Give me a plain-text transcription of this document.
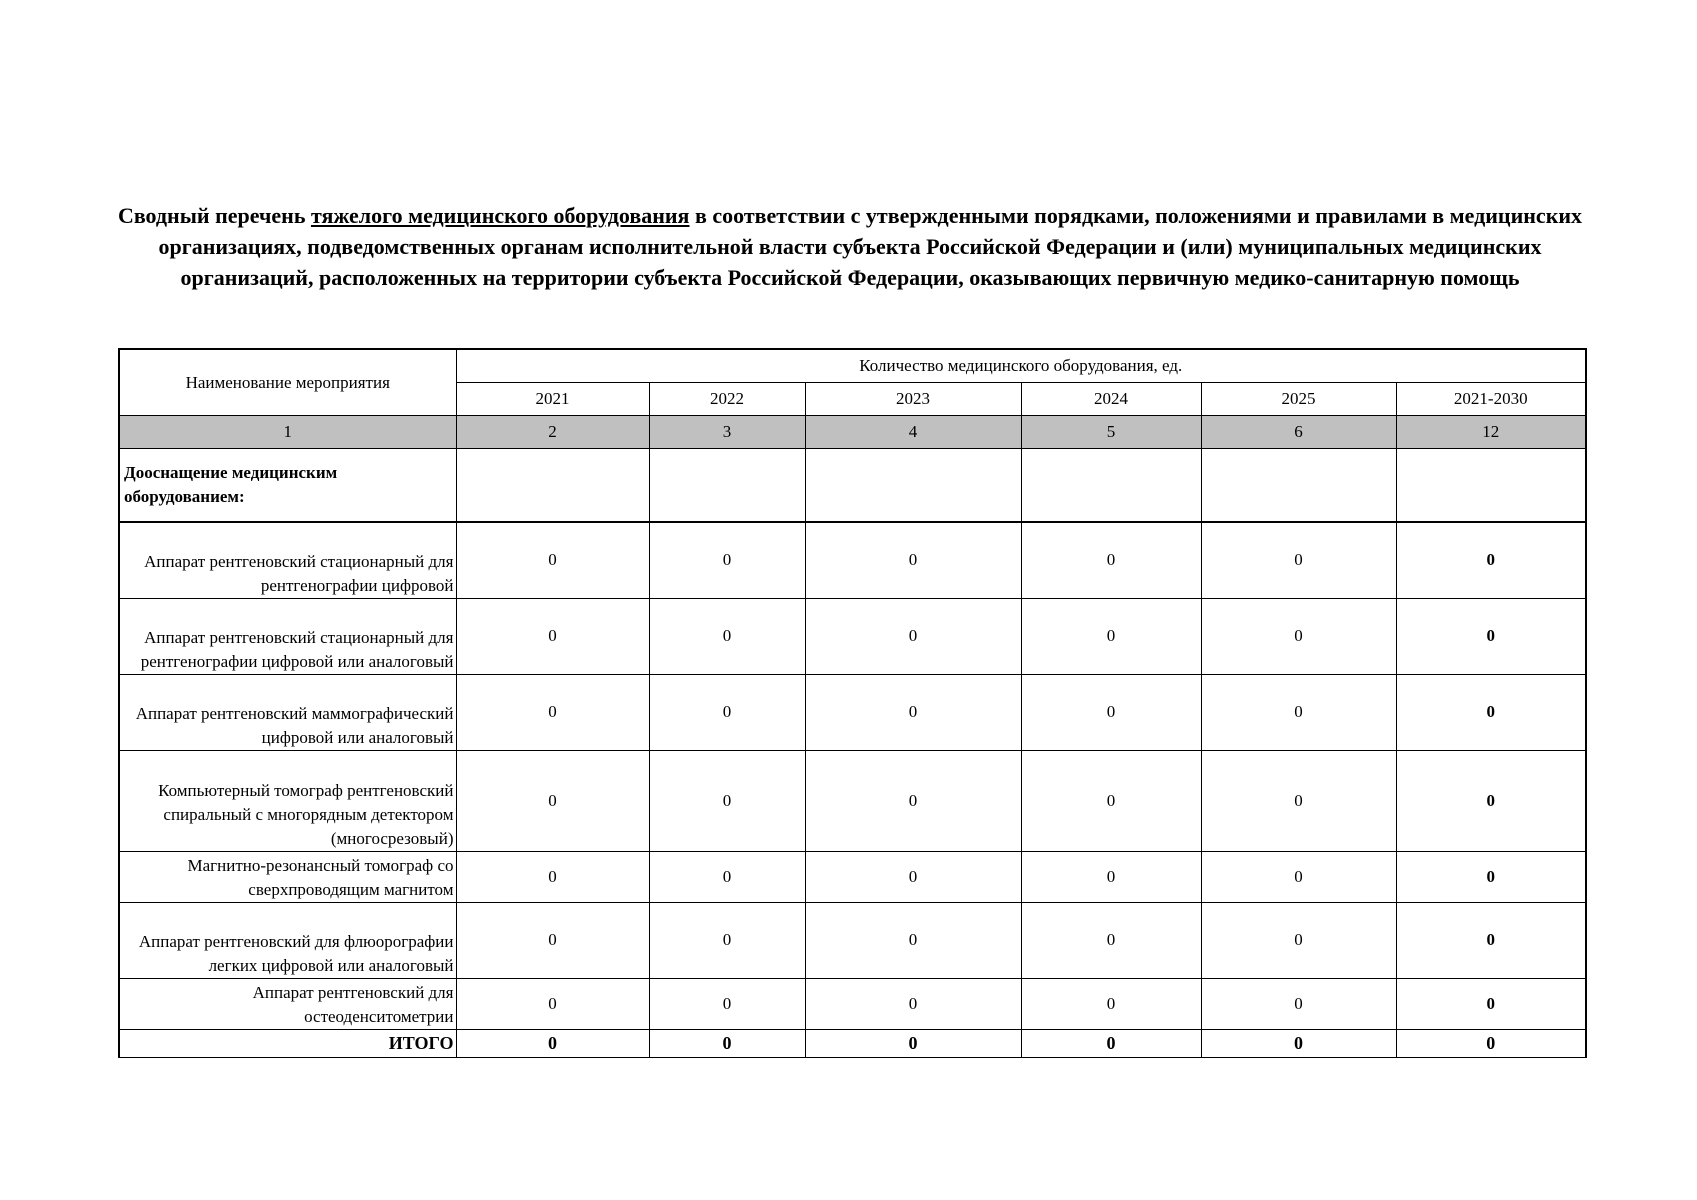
Сводный перечень тяжелого медицинского оборудования в соответствии с утвержденными порядками, положениями и правилами в медицинских организациях, подведомственных органам исполнительной власти субъекта Российской Федерации и (или) муниципальных медицинских организаций, расположенных на территории субъекта Российской Федерации, оказывающих первичную медико-санитарную помощь
Наименование мероприятия	Количество медицинского оборудования, ед.					
	2021	2022	2023	2024	2025	2021-2030
1	2	3	4	5	6	12
Дооснащение медицинским оборудованием:						
Аппарат рентгеновский стационарный для рентгенографии цифровой	0	0	0	0	0	0
Аппарат рентгеновский стационарный для рентгенографии цифровой или аналоговый	0	0	0	0	0	0
Аппарат рентгеновский маммографический цифровой или аналоговый	0	0	0	0	0	0
Компьютерный томограф рентгеновский спиральный с многорядным детектором (многосрезовый)	0	0	0	0	0	0
Магнитно-резонансный томограф со сверхпроводящим магнитом	0	0	0	0	0	0
Аппарат рентгеновский для флюорографии легких цифровой или аналоговый	0	0	0	0	0	0
Аппарат рентгеновский для остеоденситометрии	0	0	0	0	0	0
ИТОГО	0	0	0	0	0	0
